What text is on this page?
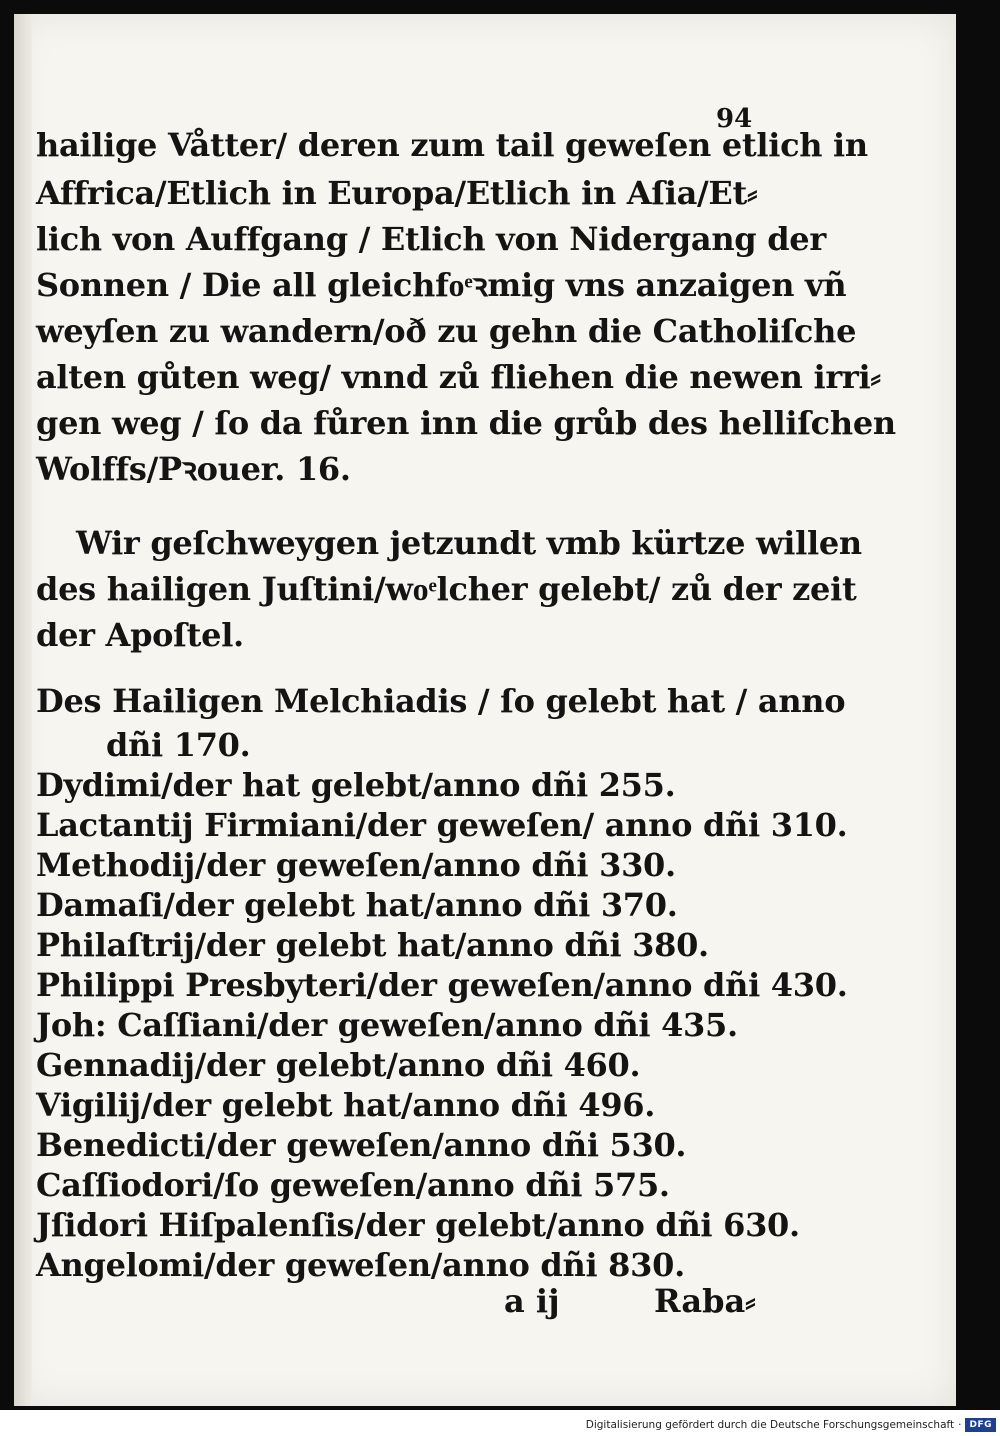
94
hailige Våtter/ deren zum tail geweſen etlich in
Affrica/Etlich in Europa/Etlich in Aſia/Et⸗
lich von Auffgang / Etlich von Nidergang der
Sonnen / Die all gleichfoͤꝛmig vns anzaigen vñ
weyſen zu wandern/oð zu gehn die Catholiſche
alten gůten weg/ vnnd zů fliehen die newen irri⸗
gen weg / ſo da fůren inn die grůb des helliſchen
Wolffs/Pꝛouer. 16.
Wir geſchweygen jetzundt vmb kürtze willen
des hailigen Juſtini/woͤlcher gelebt/ zů der zeit
der Apoſtel.
Des Hailigen Melchiadis / ſo gelebt hat / anno
dñi 170.
Dydimi/der hat gelebt/anno dñi 255.
Lactantij Firmiani/der geweſen/ anno dñi 310.
Methodij/der geweſen/anno dñi 330.
Damaſi/der gelebt hat/anno dñi 370.
Philaſtrij/der gelebt hat/anno dñi 380.
Philippi Presbyteri/der geweſen/anno dñi 430.
Joh: Caſſiani/der geweſen/anno dñi 435.
Gennadij/der gelebt/anno dñi 460.
Vigilij/der gelebt hat/anno dñi 496.
Benedicti/der geweſen/anno dñi 530.
Caſſiodori/ſo geweſen/anno dñi 575.
Jſidori Hiſpalenſis/der gelebt/anno dñi 630.
Angelomi/der geweſen/anno dñi 830.
a ij	Raba⸗
Digitalisierung gefördert durch die Deutsche Forschungsgemeinschaft · DFG
